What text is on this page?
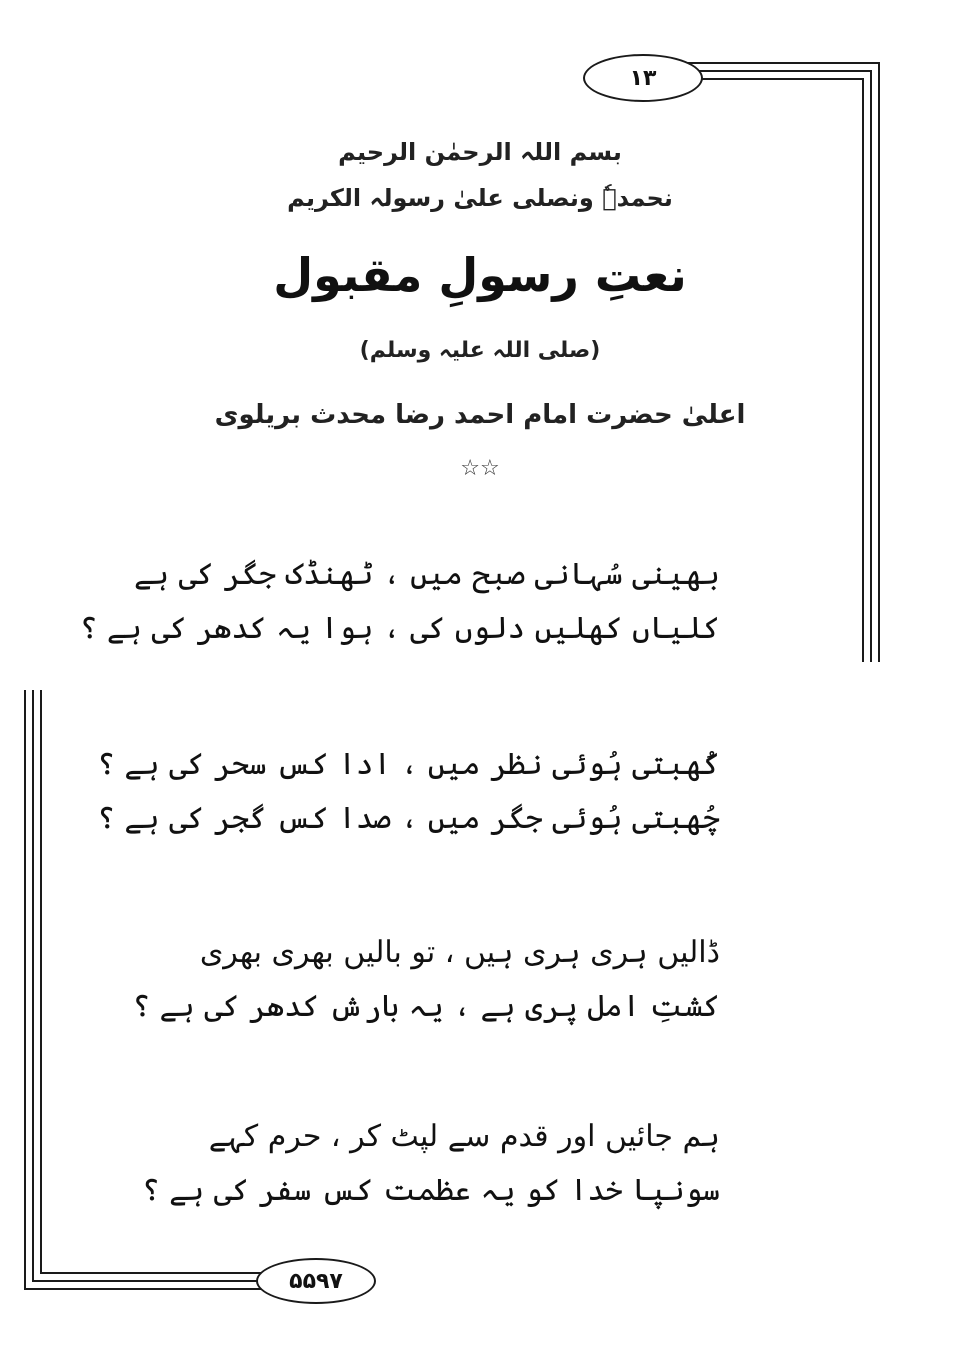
۱۳
بسم اللہ الرحمٰن الرحیم
نحمدہٗ ونصلی علیٰ رسولہ الکریم
نعتِ رسولِ مقبول
(صلی اللہ علیہ وسلم)
اعلیٰ حضرت امام احمد رضا محدث بریلوی
☆☆
بھینی سُہانی صبح میں ، ٹھنڈک جگر کی ہے
کلیاں کھلیں دلوں کی ، ہوا یہ کدھر کی ہے ؟
کُھبتی ہُوئی نظر میں ، ادا کس سحر کی ہے ؟
چُھبتی ہُوئی جگر میں ، صدا کس گجر کی ہے ؟
ڈالیں ہری ہری ہیں ، تو بالیں بھری بھری
کشتِ امل پری ہے ، یہ بارش کدھر کی ہے ؟
ہم جائیں اور قدم سے لپٹ کر ، حرم کہے
سونپا خدا کو یہ عظمت کس سفر کی ہے ؟
۵۵۹۷
